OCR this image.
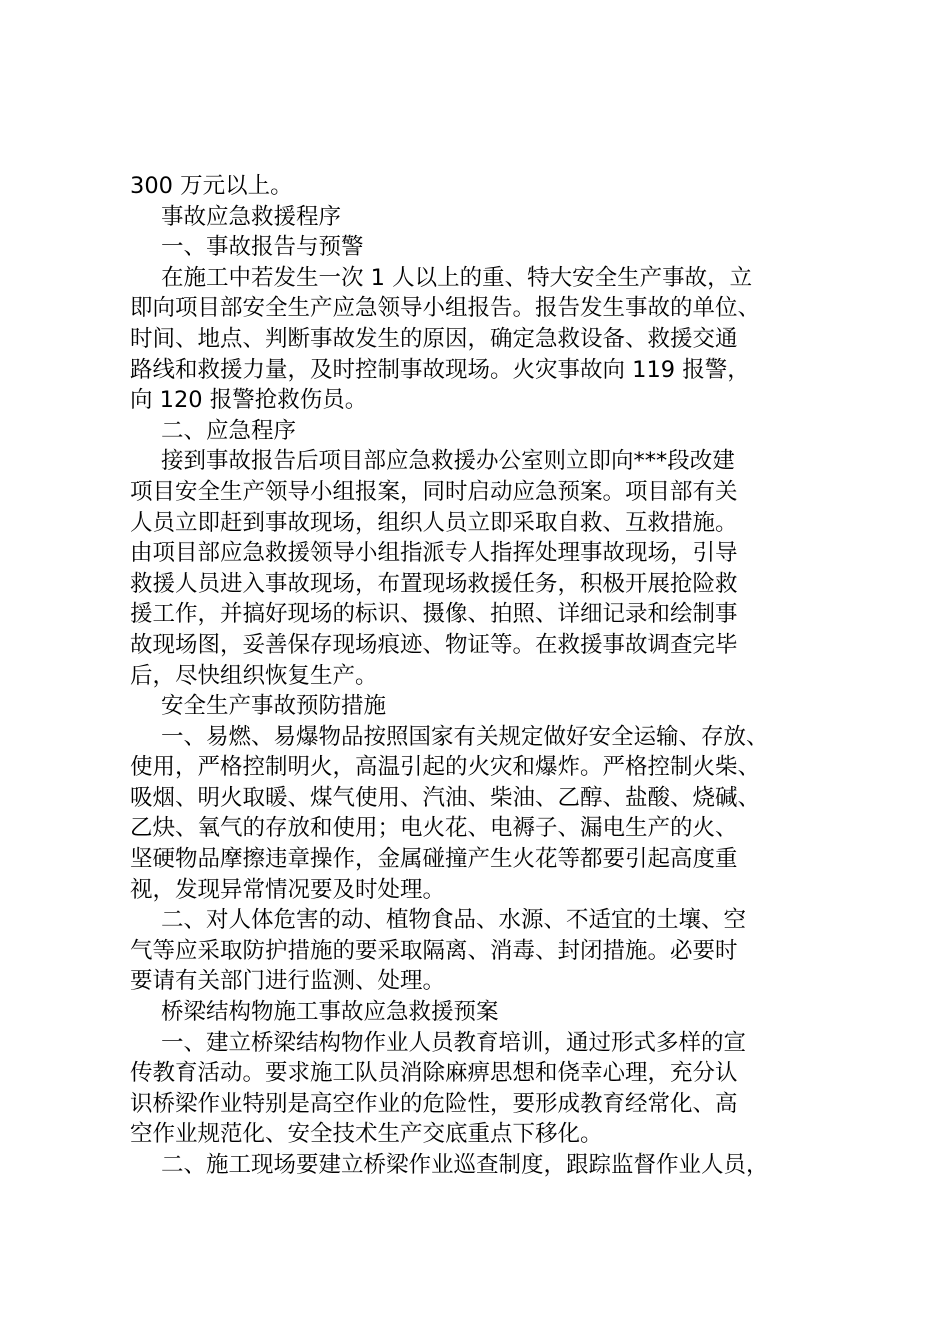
300 万元以上。
事故应急救援程序
一、事故报告与预警
在施工中若发生一次 1 人以上的重、特大安全生产事故，立
即向项目部安全生产应急领导小组报告。报告发生事故的单位、
时间、地点、判断事故发生的原因，确定急救设备、救援交通
路线和救援力量，及时控制事故现场。火灾事故向 119 报警，
向 120 报警抢救伤员。
二、应急程序
接到事故报告后项目部应急救援办公室则立即向***段改建
项目安全生产领导小组报案，同时启动应急预案。项目部有关
人员立即赶到事故现场，组织人员立即采取自救、互救措施。
由项目部应急救援领导小组指派专人指挥处理事故现场，引导
救援人员进入事故现场，布置现场救援任务，积极开展抢险救
援工作，并搞好现场的标识、摄像、拍照、详细记录和绘制事
故现场图，妥善保存现场痕迹、物证等。在救援事故调查完毕
后，尽快组织恢复生产。
安全生产事故预防措施
一、易燃、易爆物品按照国家有关规定做好安全运输、存放、
使用，严格控制明火，高温引起的火灾和爆炸。严格控制火柴、
吸烟、明火取暖、煤气使用、汽油、柴油、乙醇、盐酸、烧碱、
乙炔、氧气的存放和使用；电火花、电褥子、漏电生产的火、
坚硬物品摩擦违章操作，金属碰撞产生火花等都要引起高度重
视，发现异常情况要及时处理。
二、对人体危害的动、植物食品、水源、不适宜的土壤、空
气等应采取防护措施的要采取隔离、消毒、封闭措施。必要时
要请有关部门进行监测、处理。
桥梁结构物施工事故应急救援预案
一、建立桥梁结构物作业人员教育培训，通过形式多样的宣
传教育活动。要求施工队员消除麻痹思想和侥幸心理，充分认
识桥梁作业特别是高空作业的危险性，要形成教育经常化、高
空作业规范化、安全技术生产交底重点下移化。
二、施工现场要建立桥梁作业巡查制度，跟踪监督作业人员，
